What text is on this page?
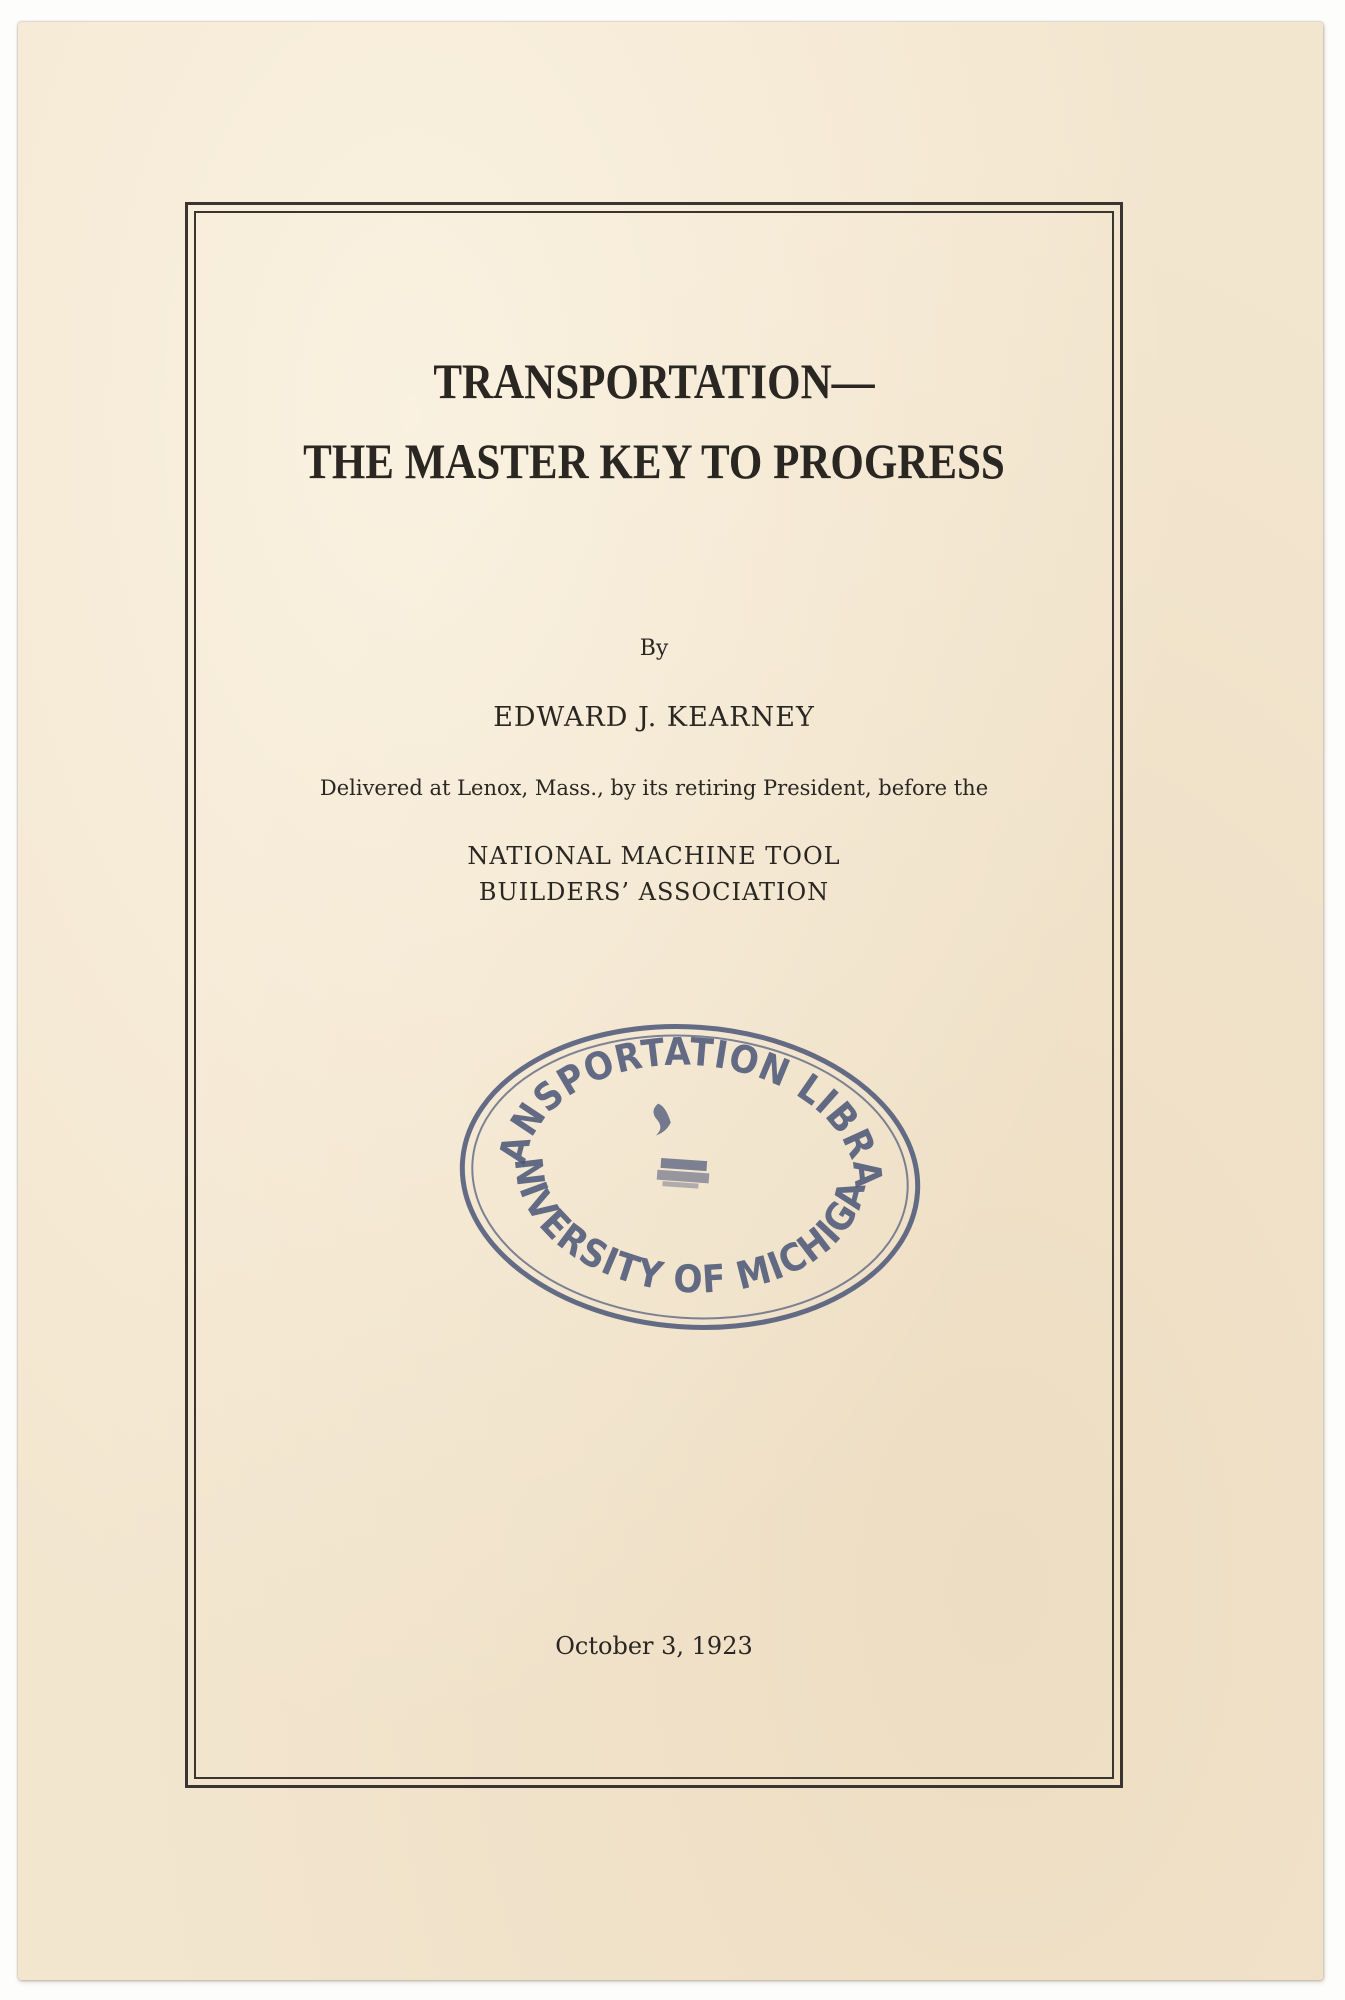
TRANSPORTATION—
THE MASTER KEY TO PROGRESS
By
EDWARD J. KEARNEY
Delivered at Lenox, Mass., by its retiring President, before the
NATIONAL MACHINE TOOL
BUILDERS’ ASSOCIATION
TRANSPORTATION LIBRARY
UNIVERSITY OF MICHIGAN
October 3, 1923
